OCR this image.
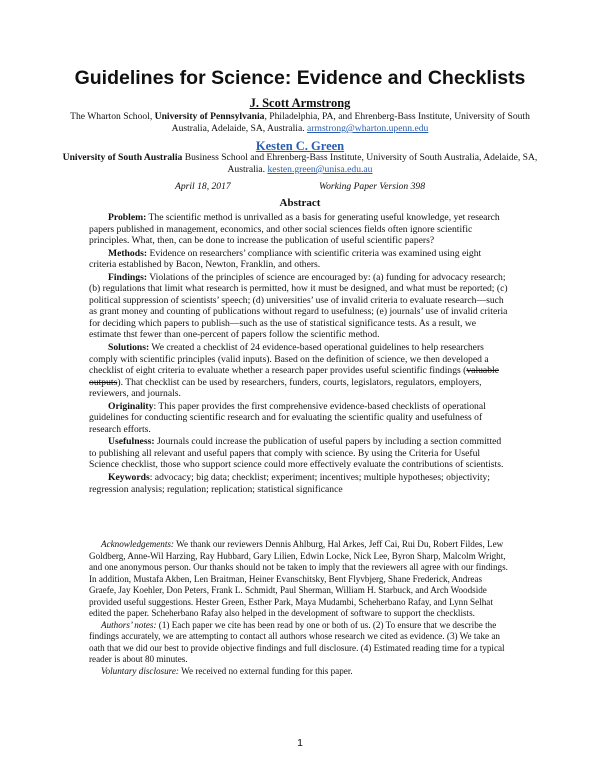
Guidelines for Science: Evidence and Checklists
J. Scott Armstrong
The Wharton School, University of Pennsylvania, Philadelphia, PA, and Ehrenberg-Bass Institute, University of South Australia, Adelaide, SA, Australia. armstrong@wharton.upenn.edu
Kesten C. Green
University of South Australia Business School and Ehrenberg-Bass Institute, University of South Australia, Adelaide, SA, Australia. kesten.green@unisa.edu.au
April 18, 2017	Working Paper Version 398
Abstract

Problem: The scientific method is unrivalled as a basis for generating useful knowledge, yet research papers published in management, economics, and other social sciences fields often ignore scientific principles. What, then, can be done to increase the publication of useful scientific papers?

Methods: Evidence on researchers’ compliance with scientific criteria was examined using eight criteria established by Bacon, Newton, Franklin, and others.

Findings: Violations of the principles of science are encouraged by: (a) funding for advocacy research; (b) regulations that limit what research is permitted, how it must be designed, and what must be reported; (c) political suppression of scientists’ speech; (d) universities’ use of invalid criteria to evaluate research—such as grant money and counting of publications without regard to usefulness; (e) journals’ use of invalid criteria for deciding which papers to publish—such as the use of statistical significance tests. As a result, we estimate thst fewer than one-percent of papers follow the scientific method.

Solutions: We created a checklist of 24 evidence-based operational guidelines to help researchers comply with scientific principles (valid inputs). Based on the definition of science, we then developed a checklist of eight criteria to evaluate whether a research paper provides useful scientific findings (valuable outputs). That checklist can be used by researchers, funders, courts, legislators, regulators, employers, reviewers, and journals.

Originality: This paper provides the first comprehensive evidence-based checklists of operational guidelines for conducting scientific research and for evaluating the scientific quality and usefulness of research efforts.

Usefulness: Journals could increase the publication of useful papers by including a section committed to publishing all relevant and useful papers that comply with science. By using the Criteria for Useful Science checklist, those who support science could more effectively evaluate the contributions of scientists.

Keywords: advocacy; big data; checklist; experiment; incentives; multiple hypotheses; objectivity; regression analysis; regulation; replication; statistical significance

Acknowledgements: We thank our reviewers Dennis Ahlburg, Hal Arkes, Jeff Cai, Rui Du, Robert Fildes, Lew Goldberg, Anne-Wil Harzing, Ray Hubbard, Gary Lilien, Edwin Locke, Nick Lee, Byron Sharp, Malcolm Wright, and one anonymous person. Our thanks should not be taken to imply that the reviewers all agree with our findings. In addition, Mustafa Akben, Len Braitman, Heiner Evanschitsky, Bent Flyvbjerg, Shane Frederick, Andreas Graefe, Jay Koehler, Don Peters, Frank L. Schmidt, Paul Sherman, William H. Starbuck, and Arch Woodside provided useful suggestions. Hester Green, Esther Park, Maya Mudambi, Scheherbano Rafay, and Lynn Selhat edited the paper. Scheherbano Rafay also helped in the development of software to support the checklists.

Authors’ notes: (1) Each paper we cite has been read by one or both of us. (2) To ensure that we describe the findings accurately, we are attempting to contact all authors whose research we cited as evidence. (3) We take an oath that we did our best to provide objective findings and full disclosure. (4) Estimated reading time for a typical reader is about 80 minutes.

Voluntary disclosure: We received no external funding for this paper.

1
